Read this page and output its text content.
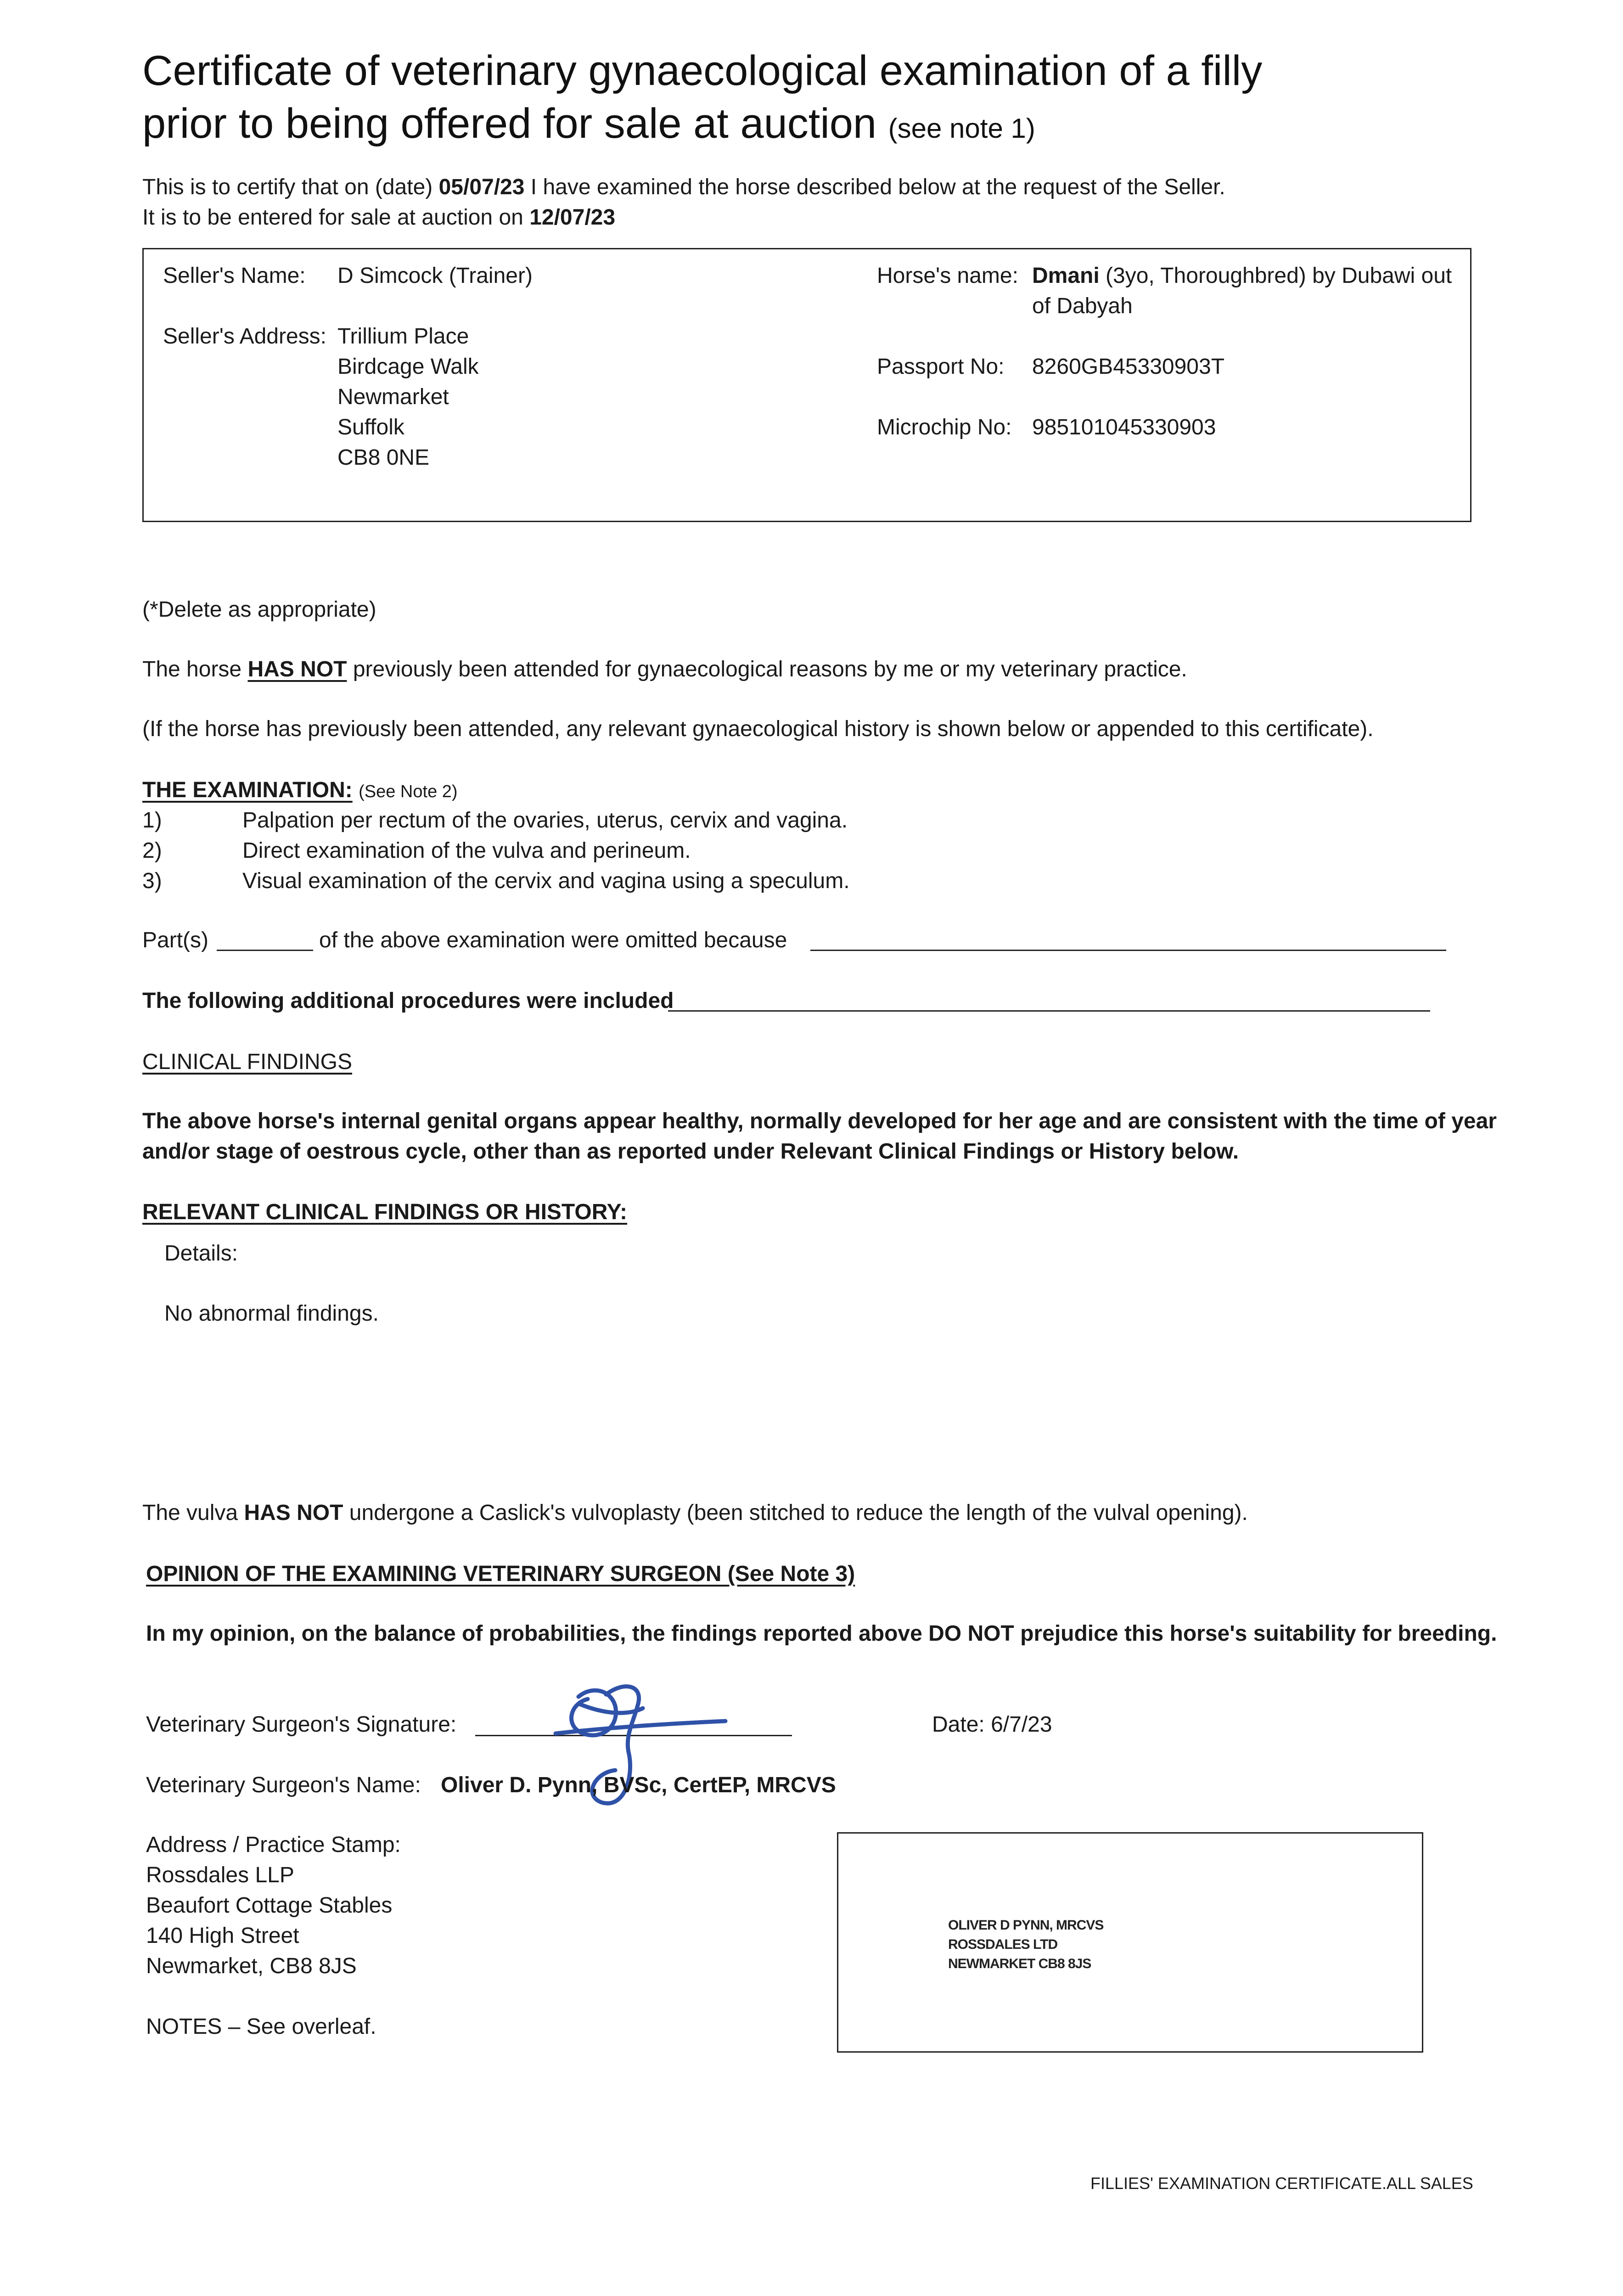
Certificate of veterinary gynaecological examination of a filly
prior to being offered for sale at auction (see note 1)
This is to certify that on (date) 05/07/23 I have examined the horse described below at the request of the Seller.
It is to be entered for sale at auction on 12/07/23
Seller's Name: D Simcock (Trainer)
Seller's Address: Trillium Place
Birdcage Walk
Newmarket
Suffolk
CB8 0NE
Horse's name: Dmani (3yo, Thoroughbred) by Dubawi out
of Dabyah
Passport No: 8260GB45330903T
Microchip No: 985101045330903
(*Delete as appropriate)
The horse HAS NOT previously been attended for gynaecological reasons by me or my veterinary practice.
(If the horse has previously been attended, any relevant gynaecological history is shown below or appended to this certificate).
THE EXAMINATION: (See Note 2)
1)	Palpation per rectum of the ovaries, uterus, cervix and vagina.
2)	Direct examination of the vulva and perineum.
3)	Visual examination of the cervix and vagina using a speculum.
Part(s)	of the above examination were omitted because
The following additional procedures were included
CLINICAL FINDINGS
The above horse's internal genital organs appear healthy, normally developed for her age and are consistent with the time of year
and/or stage of oestrous cycle, other than as reported under Relevant Clinical Findings or History below.
RELEVANT CLINICAL FINDINGS OR HISTORY:
Details:
No abnormal findings.
The vulva HAS NOT undergone a Caslick's vulvoplasty (been stitched to reduce the length of the vulval opening).
OPINION OF THE EXAMINING VETERINARY SURGEON (See Note 3)
In my opinion, on the balance of probabilities, the findings reported above DO NOT prejudice this horse's suitability for breeding.
Veterinary Surgeon's Signature:	Date: 6/7/23
Veterinary Surgeon's Name: Oliver D. Pynn, BVSc, CertEP, MRCVS
Address / Practice Stamp:
Rossdales LLP
Beaufort Cottage Stables
140 High Street
Newmarket, CB8 8JS
NOTES – See overleaf.
OLIVER D PYNN, MRCVS
ROSSDALES LTD
NEWMARKET CB8 8JS
FILLIES' EXAMINATION CERTIFICATE.ALL SALES
